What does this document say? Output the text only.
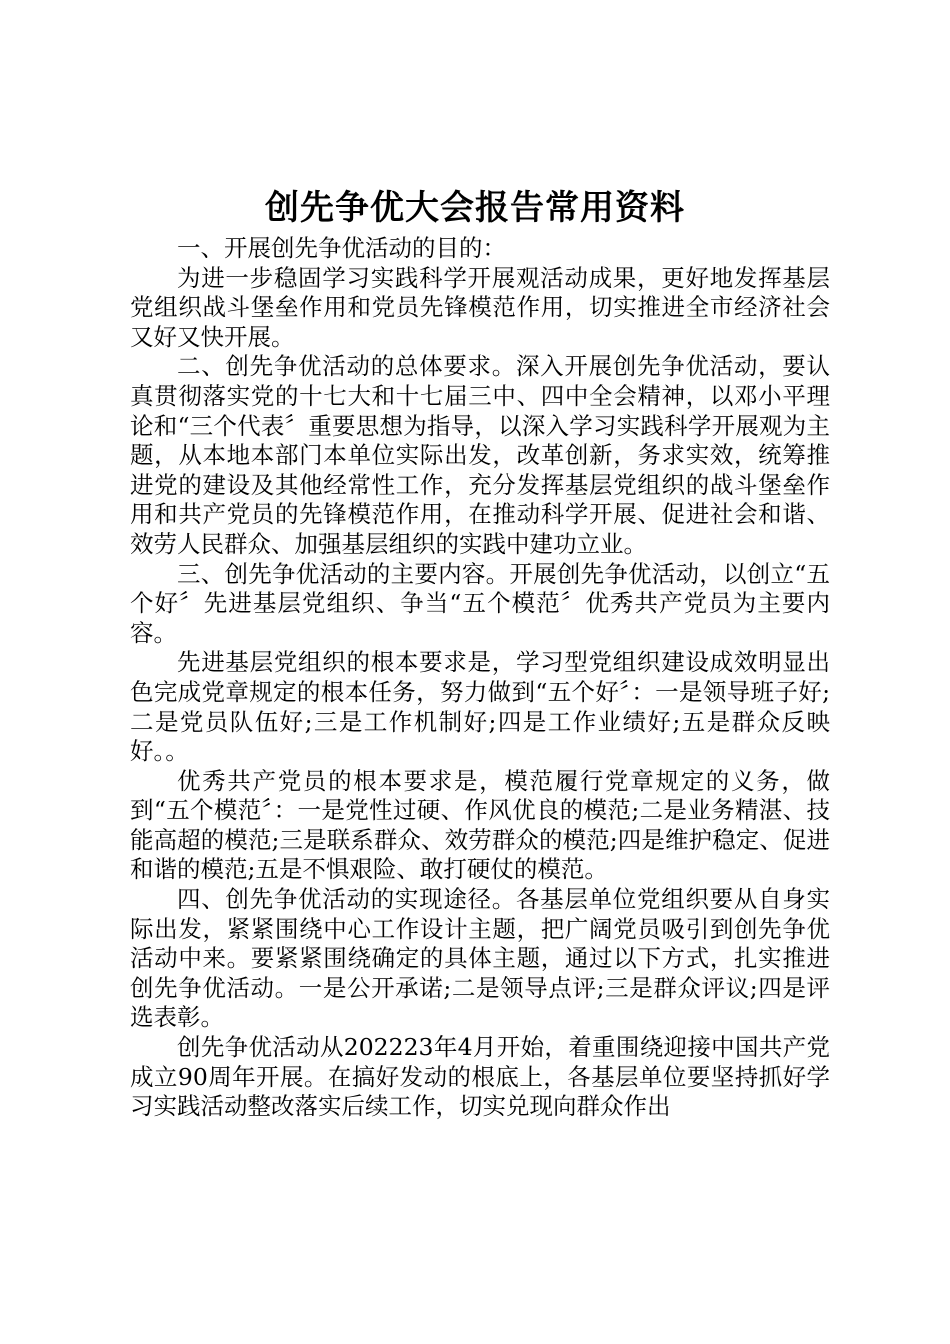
创先争优大会报告常用资料

一、开展创先争优活动的目的：

为进一步稳固学习实践科学开展观活动成果，更好地发挥基层党组织战斗堡垒作用和党员先锋模范作用，切实推进全市经济社会又好又快开展。

二、创先争优活动的总体要求。深入开展创先争优活动，要认真贯彻落实党的十七大和十七届三中、四中全会精神，以邓小平理论和“三个代表〞重要思想为指导，以深入学习实践科学开展观为主题，从本地本部门本单位实际出发，改革创新，务求实效，统筹推进党的建设及其他经常性工作，充分发挥基层党组织的战斗堡垒作用和共产党员的先锋模范作用，在推动科学开展、促进社会和谐、效劳人民群众、加强基层组织的实践中建功立业。

三、创先争优活动的主要内容。开展创先争优活动，以创立“五个好〞先进基层党组织、争当“五个模范〞优秀共产党员为主要内容。

先进基层党组织的根本要求是，学习型党组织建设成效明显出色完成党章规定的根本任务，努力做到“五个好〞：一是领导班子好;二是党员队伍好;三是工作机制好;四是工作业绩好;五是群众反映好。。

优秀共产党员的根本要求是，模范履行党章规定的义务，做到“五个模范〞：一是党性过硬、作风优良的模范;二是业务精湛、技能高超的模范;三是联系群众、效劳群众的模范;四是维护稳定、促进和谐的模范;五是不惧艰险、敢打硬仗的模范。

四、创先争优活动的实现途径。各基层单位党组织要从自身实际出发，紧紧围绕中心工作设计主题，把广阔党员吸引到创先争优活动中来。要紧紧围绕确定的具体主题，通过以下方式，扎实推进创先争优活动。一是公开承诺;二是领导点评;三是群众评议;四是评选表彰。

创先争优活动从202223年4月开始，着重围绕迎接中国共产党成立90周年开展。在搞好发动的根底上，各基层单位要坚持抓好学习实践活动整改落实后续工作，切实兑现向群众作出
